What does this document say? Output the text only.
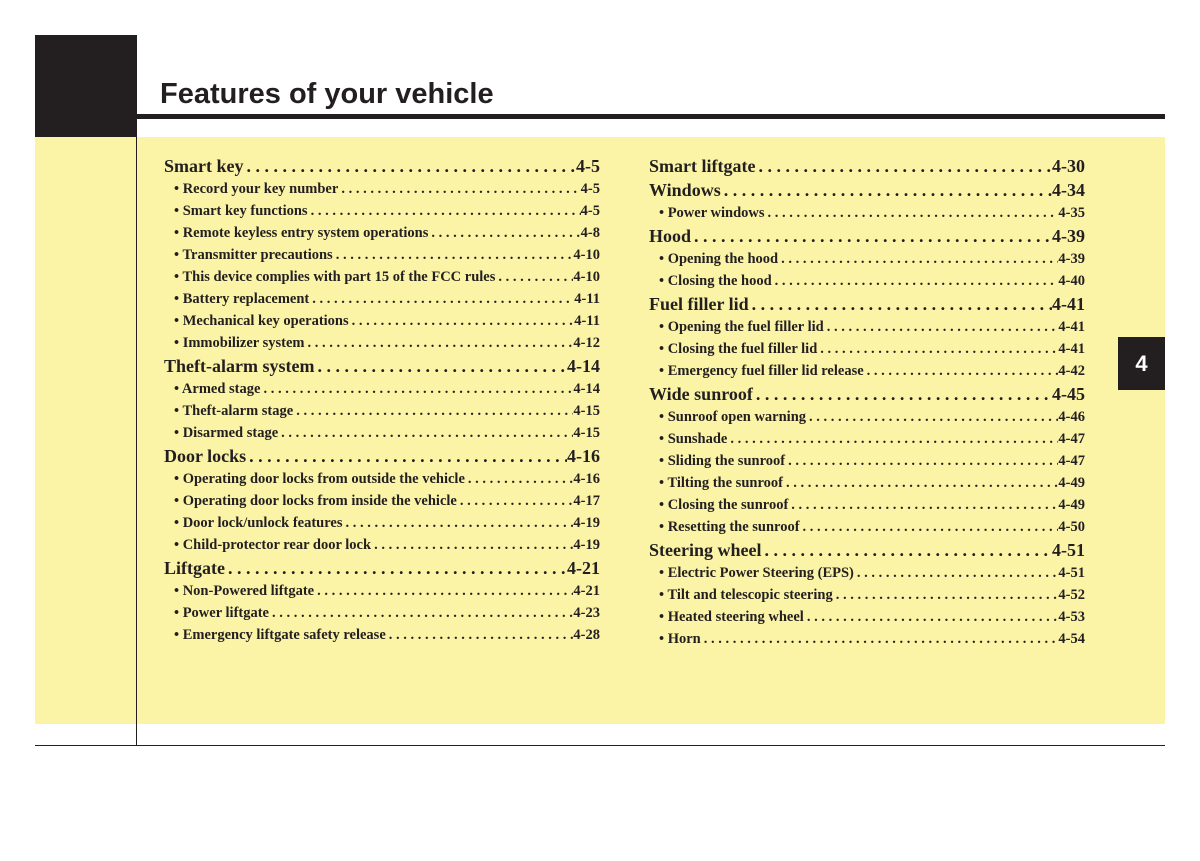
Features of your vehicle
4
Smart key . . .	4-5
• Record your key number . . .	4-5
• Smart key functions . . .	4-5
• Remote keyless entry system operations . . .	4-8
• Transmitter precautions . . .	4-10
• This device complies with part 15 of the FCC rules . . .	4-10
• Battery replacement . . .	4-11
• Mechanical key operations . . .	4-11
• Immobilizer system . . .	4-12
Theft-alarm system . . .	4-14
• Armed stage . . .	4-14
• Theft-alarm stage . . .	4-15
• Disarmed stage . . .	4-15
Door locks . . .	4-16
• Operating door locks from outside the vehicle . . .	4-16
• Operating door locks from inside the vehicle . . .	4-17
• Door lock/unlock features . . .	4-19
• Child-protector rear door lock . . .	4-19
Liftgate . . .	4-21
• Non-Powered liftgate . . .	4-21
• Power liftgate . . .	4-23
• Emergency liftgate safety release . . .	4-28
Smart liftgate . . .	4-30
Windows . . .	4-34
• Power windows . . .	4-35
Hood . . .	4-39
• Opening the hood . . .	4-39
• Closing the hood . . .	4-40
Fuel filler lid . . .	4-41
• Opening the fuel filler lid . . .	4-41
• Closing the fuel filler lid . . .	4-41
• Emergency fuel filler lid release . . .	4-42
Wide sunroof . . .	4-45
• Sunroof open warning . . .	4-46
• Sunshade . . .	4-47
• Sliding the sunroof . . .	4-47
• Tilting the sunroof . . .	4-49
• Closing the sunroof . . .	4-49
• Resetting the sunroof . . .	4-50
Steering wheel . . .	4-51
• Electric Power Steering (EPS) . . .	4-51
• Tilt and telescopic steering . . .	4-52
• Heated steering wheel . . .	4-53
• Horn . . .	4-54
